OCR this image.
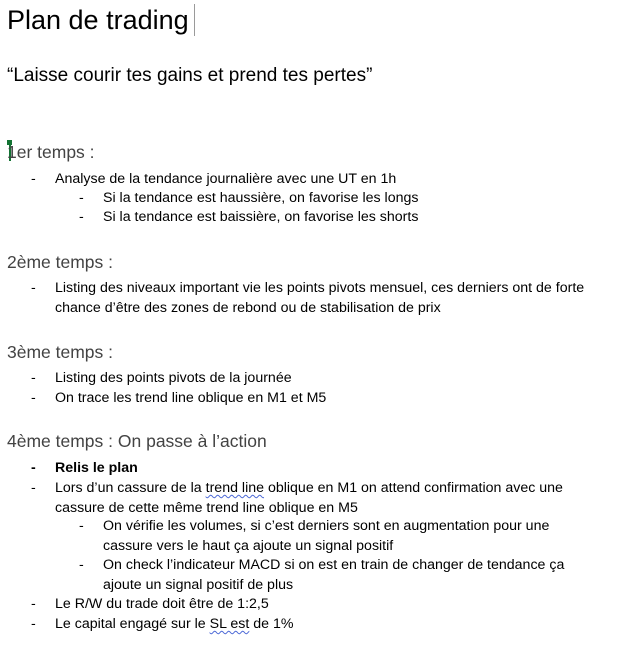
Plan de trading
“Laisse courir tes gains et prend tes pertes”
1er temps :
- Analyse de la tendance journalière avec une UT en 1h
- Si la tendance est haussière, on favorise les longs
- Si la tendance est baissière, on favorise les shorts
2ème temps :
- Listing des niveaux important vie les points pivots mensuel, ces derniers ont de forte chance d’être des zones de rebond ou de stabilisation de prix
3ème temps :
- Listing des points pivots de la journée
- On trace les trend line oblique en M1 et M5
4ème temps : On passe à l’action
- Relis le plan
- Lors d’un cassure de la trend line oblique en M1 on attend confirmation avec une cassure de cette même trend line oblique en M5
- On vérifie les volumes, si c’est derniers sont en augmentation pour une cassure vers le haut ça ajoute un signal positif
- On check l’indicateur MACD si on est en train de changer de tendance ça ajoute un signal positif de plus
- Le R/W du trade doit être de 1:2,5
- Le capital engagé sur le SL est de 1%
